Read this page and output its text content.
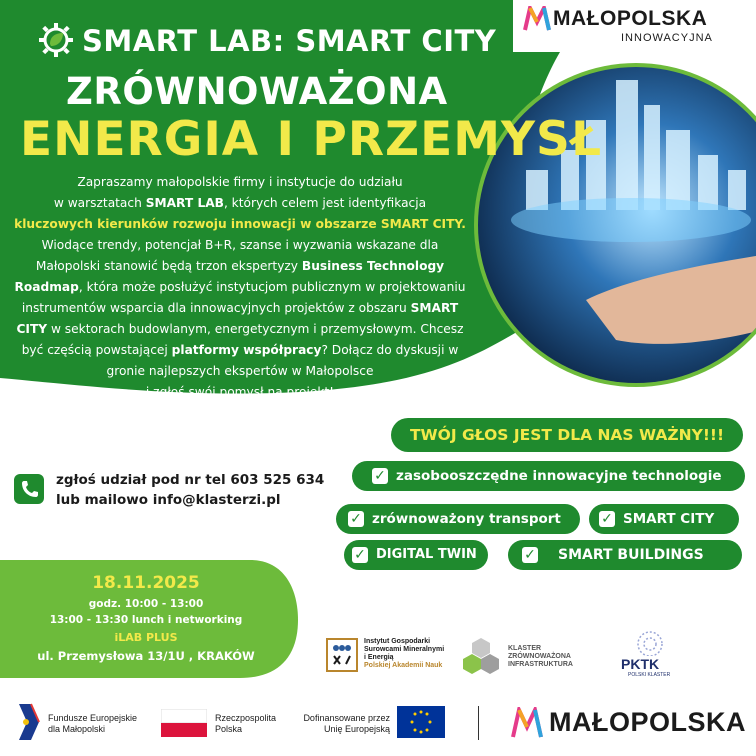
SMART LAB: SMART CITY
ZRÓWNOWAŻONA
ENERGIA I PRZEMYSŁ
MAŁOPOLSKA
INNOWACYJNA
Zapraszamy małopolskie firmy i instytucje do udziału
w warsztatach SMART LAB, których celem jest identyfikacja
kluczowych kierunków rozwoju innowacji w obszarze SMART CITY.
Wiodące trendy, potencjał B+R, szanse i wyzwania wskazane dla
Małopolski stanowić będą trzon ekspertyzy Business Technology
Roadmap, która może posłużyć instytucjom publicznym w projektowaniu
instrumentów wsparcia dla innowacyjnych projektów z obszaru SMART
CITY w sektorach budowlanym, energetycznym i przemysłowym. Chcesz
być częścią powstającej platformy współpracy? Dołącz do dyskusji w
gronie najlepszych ekspertów w Małopolsce
i zgłoś swój pomysł na projekt!
TWÓJ GŁOS JEST DLA NAS WAŻNY!!!
✓ zasobooszczędne innowacyjne technologie
✓ zrównoważony transport	✓ SMART CITY
✓ DIGITAL TWIN	✓ SMART BUILDINGS
zgłoś udział pod nr tel 603 525 634
lub mailowo info@klasterzi.pl
18.11.2025
godz. 10:00 - 13:00
13:00 - 13:30 lunch i networking
iLAB PLUS
ul. Przemysłowa 13/1U , KRAKÓW
Instytut Gospodarki
Surowcami Mineralnymi
i Energią
Polskiej Akademii Nauk
KLASTER
ZRÓWNOWAŻONA
INFRASTRUKTURA	PKTK
POLSKI KLASTER
Fundusze Europejskie
dla Małopolski
Rzeczpospolita
Polska
Dofinansowane przez
Unię Europejską	MAŁOPOLSKA
